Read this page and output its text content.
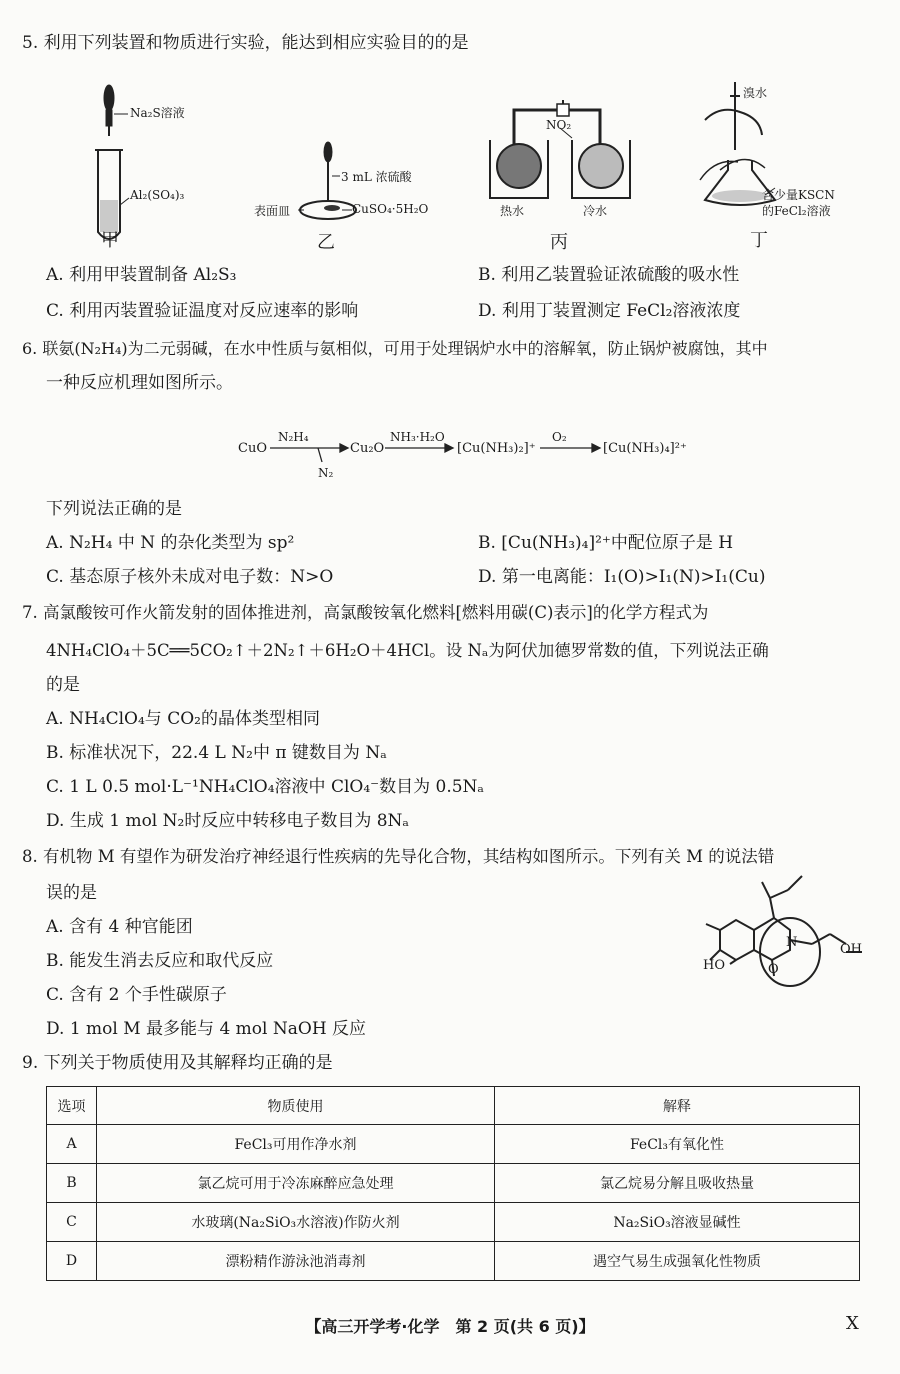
5. 利用下列装置和物质进行实验，能达到相应实验目的的是
Na₂S溶液
Al₂(SO₄)₃
3 mL 浓硫酸
表面皿	CuSO₄·5H₂O
NO₂
热水	冷水
溴水
含少量KSCN
的FeCl₂溶液
甲	乙	丙	丁
A. 利用甲装置制备 Al₂S₃	B. 利用乙装置验证浓硫酸的吸水性
C. 利用丙装置验证温度对反应速率的影响	D. 利用丁装置测定 FeCl₂溶液浓度
6. 联氨(N₂H₄)为二元弱碱，在水中性质与氨相似，可用于处理锅炉水中的溶解氧，防止锅炉被腐蚀，其中
一种反应机理如图所示。
N₂H₄	NH₃·H₂O	O₂
CuO	Cu₂O	[Cu(NH₃)₂]⁺	[Cu(NH₃)₄]²⁺
N₂
下列说法正确的是
A. N₂H₄ 中 N 的杂化类型为 sp²	B. [Cu(NH₃)₄]²⁺中配位原子是 H
C. 基态原子核外未成对电子数：N>O	D. 第一电离能：I₁(O)>I₁(N)>I₁(Cu)
7. 高氯酸铵可作火箭发射的固体推进剂，高氯酸铵氧化燃料[燃料用碳(C)表示]的化学方程式为
4NH₄ClO₄＋5C══5CO₂↑＋2N₂↑＋6H₂O＋4HCl。设 Nₐ为阿伏加德罗常数的值，下列说法正确
的是
A. NH₄ClO₄与 CO₂的晶体类型相同
B. 标准状况下，22.4 L N₂中 π 键数目为 Nₐ
C. 1 L 0.5 mol·L⁻¹NH₄ClO₄溶液中 ClO₄⁻数目为 0.5Nₐ
D. 生成 1 mol N₂时反应中转移电子数目为 8Nₐ
8. 有机物 M 有望作为研发治疗神经退行性疾病的先导化合物，其结构如图所示。下列有关 M 的说法错
误的是
A. 含有 4 种官能团
B. 能发生消去反应和取代反应
C. 含有 2 个手性碳原子
D. 1 mol M 最多能与 4 mol NaOH 反应
HO
OH
N
O
9. 下列关于物质使用及其解释均正确的是
选项	物质使用	解释
A	FeCl₃可用作净水剂	FeCl₃有氧化性
B	氯乙烷可用于冷冻麻醉应急处理	氯乙烷易分解且吸收热量
C	水玻璃(Na₂SiO₃水溶液)作防火剂	Na₂SiO₃溶液显碱性
D	漂粉精作游泳池消毒剂	遇空气易生成强氧化性物质
【高三开学考·化学　第 2 页(共 6 页)】	X
